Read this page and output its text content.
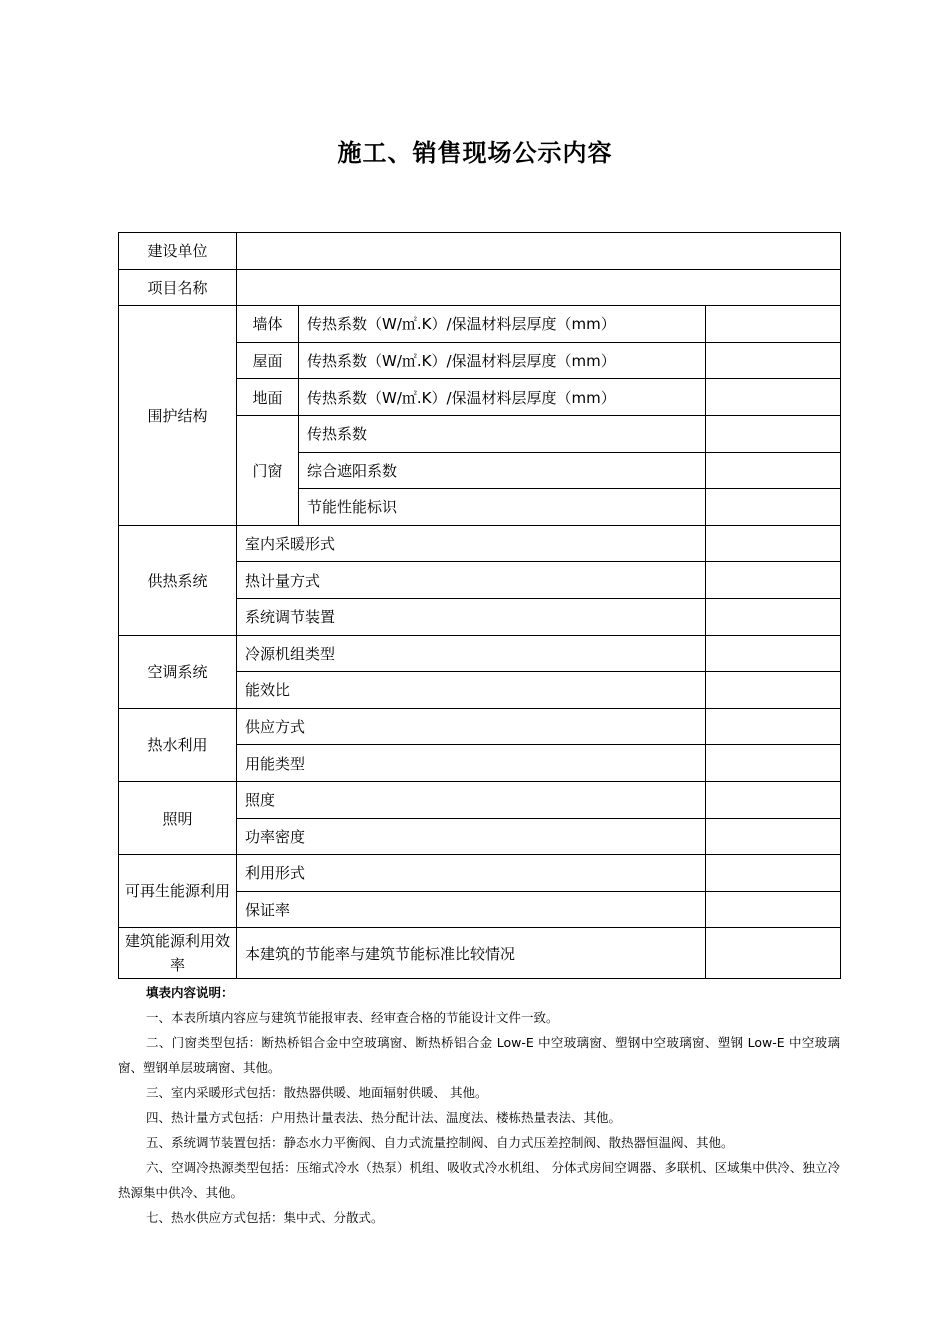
施工、销售现场公示内容
建设单位			
项目名称			
围护结构	墙体	传热系数（W/㎡.K）/保温材料层厚度（mm）	
	屋面	传热系数（W/㎡.K）/保温材料层厚度（mm）	
	地面	传热系数（W/㎡.K）/保温材料层厚度（mm）	
	门窗	传热系数	
		综合遮阳系数	
		节能性能标识	
供热系统	室内采暖形式		
	热计量方式		
	系统调节装置		
空调系统	冷源机组类型		
	能效比		
热水利用	供应方式		
	用能类型		
照明	照度		
	功率密度		
可再生能源利用	利用形式		
	保证率		
建筑能源利用效率	本建筑的节能率与建筑节能标准比较情况		
填表内容说明：

一、本表所填内容应与建筑节能报审表、经审查合格的节能设计文件一致。

二、门窗类型包括：断热桥铝合金中空玻璃窗、断热桥铝合金 Low-E 中空玻璃窗、塑钢中空玻璃窗、塑钢 Low-E 中空玻璃窗、塑钢单层玻璃窗、其他。

三、室内采暖形式包括：散热器供暖、地面辐射供暖、 其他。

四、热计量方式包括：户用热计量表法、热分配计法、温度法、楼栋热量表法、其他。

五、系统调节装置包括：静态水力平衡阀、自力式流量控制阀、自力式压差控制阀、散热器恒温阀、其他。

六、空调冷热源类型包括：压缩式冷水（热泵）机组、吸收式冷水机组、 分体式房间空调器、多联机、区域集中供冷、独立冷热源集中供冷、其他。

七、热水供应方式包括：集中式、分散式。
